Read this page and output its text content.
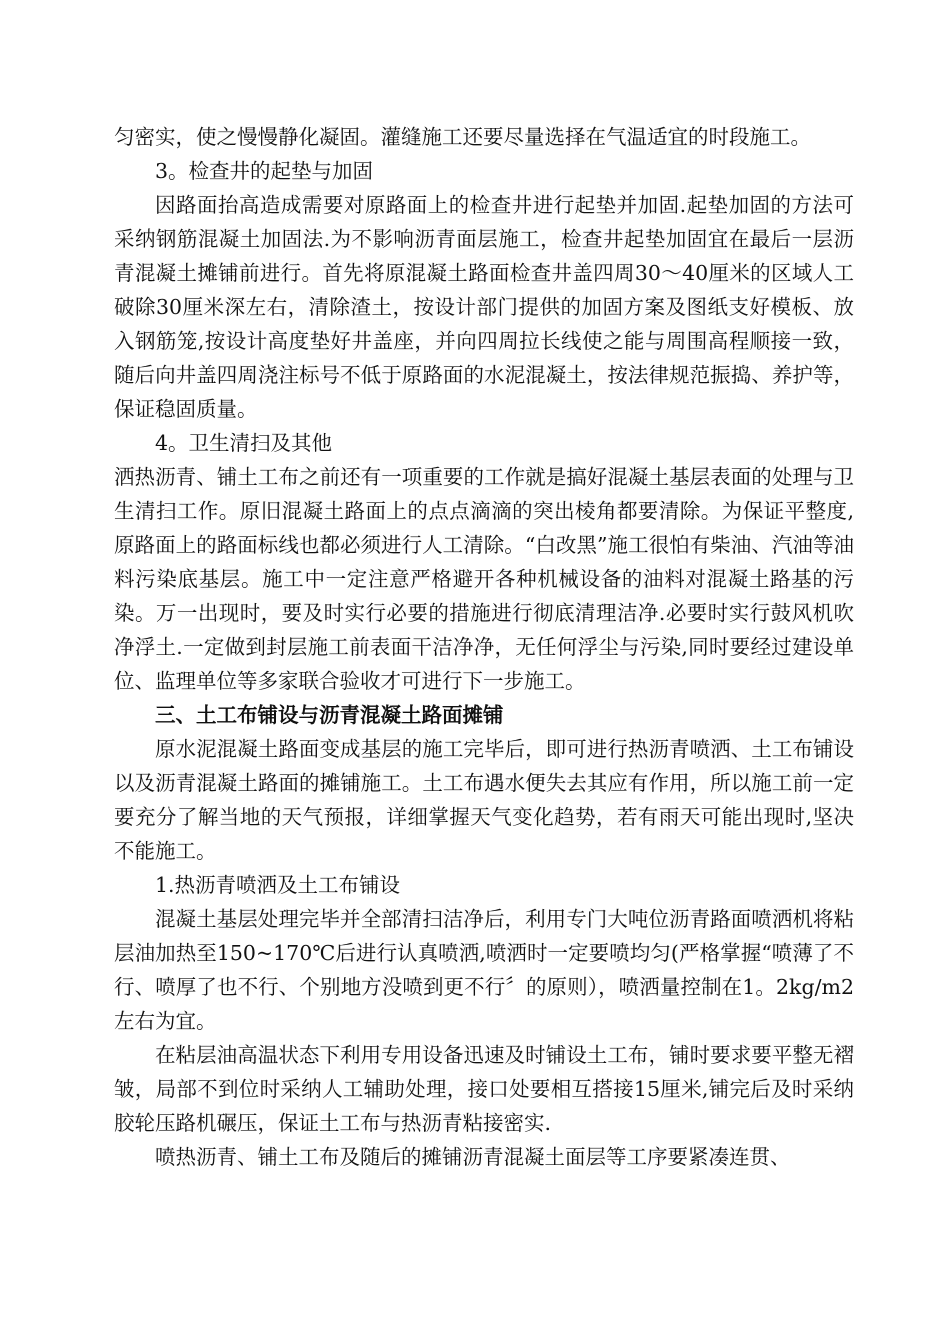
匀密实，使之慢慢静化凝固。灌缝施工还要尽量选择在气温适宜的时段施工。

3。检查井的起垫与加固

因路面抬高造成需要对原路面上的检查井进行起垫并加固.起垫加固的方法可采纳钢筋混凝土加固法.为不影响沥青面层施工，检查井起垫加固宜在最后一层沥青混凝土摊铺前进行。首先将原混凝土路面检查井盖四周30～40厘米的区域人工破除30厘米深左右，清除渣土，按设计部门提供的加固方案及图纸支好模板、放入钢筋笼,按设计高度垫好井盖座，并向四周拉长线使之能与周围高程顺接一致，随后向井盖四周浇注标号不低于原路面的水泥混凝土，按法律规范振捣、养护等，保证稳固质量。

4。卫生清扫及其他

洒热沥青、铺土工布之前还有一项重要的工作就是搞好混凝土基层表面的处理与卫生清扫工作。原旧混凝土路面上的点点滴滴的突出棱角都要清除。为保证平整度,原路面上的路面标线也都必须进行人工清除。“白改黑”施工很怕有柴油、汽油等油料污染底基层。施工中一定注意严格避开各种机械设备的油料对混凝土路基的污染。万一出现时，要及时实行必要的措施进行彻底清理洁净.必要时实行鼓风机吹净浮土.一定做到封层施工前表面干洁净净，无任何浮尘与污染,同时要经过建设单位、监理单位等多家联合验收才可进行下一步施工。

三、土工布铺设与沥青混凝土路面摊铺

原水泥混凝土路面变成基层的施工完毕后，即可进行热沥青喷洒、土工布铺设以及沥青混凝土路面的摊铺施工。土工布遇水便失去其应有作用，所以施工前一定要充分了解当地的天气预报，详细掌握天气变化趋势，若有雨天可能出现时,坚决不能施工。

1.热沥青喷洒及土工布铺设

混凝土基层处理完毕并全部清扫洁净后，利用专门大吨位沥青路面喷洒机将粘层油加热至150~170℃后进行认真喷洒,喷洒时一定要喷均匀(严格掌握“喷薄了不行、喷厚了也不行、个别地方没喷到更不行〞的原则），喷洒量控制在1。2kg/m2左右为宜。

在粘层油高温状态下利用专用设备迅速及时铺设土工布，铺时要求要平整无褶皱，局部不到位时采纳人工辅助处理，接口处要相互搭接15厘米,铺完后及时采纳胶轮压路机碾压，保证土工布与热沥青粘接密实.

喷热沥青、铺土工布及随后的摊铺沥青混凝土面层等工序要紧凑连贯、
